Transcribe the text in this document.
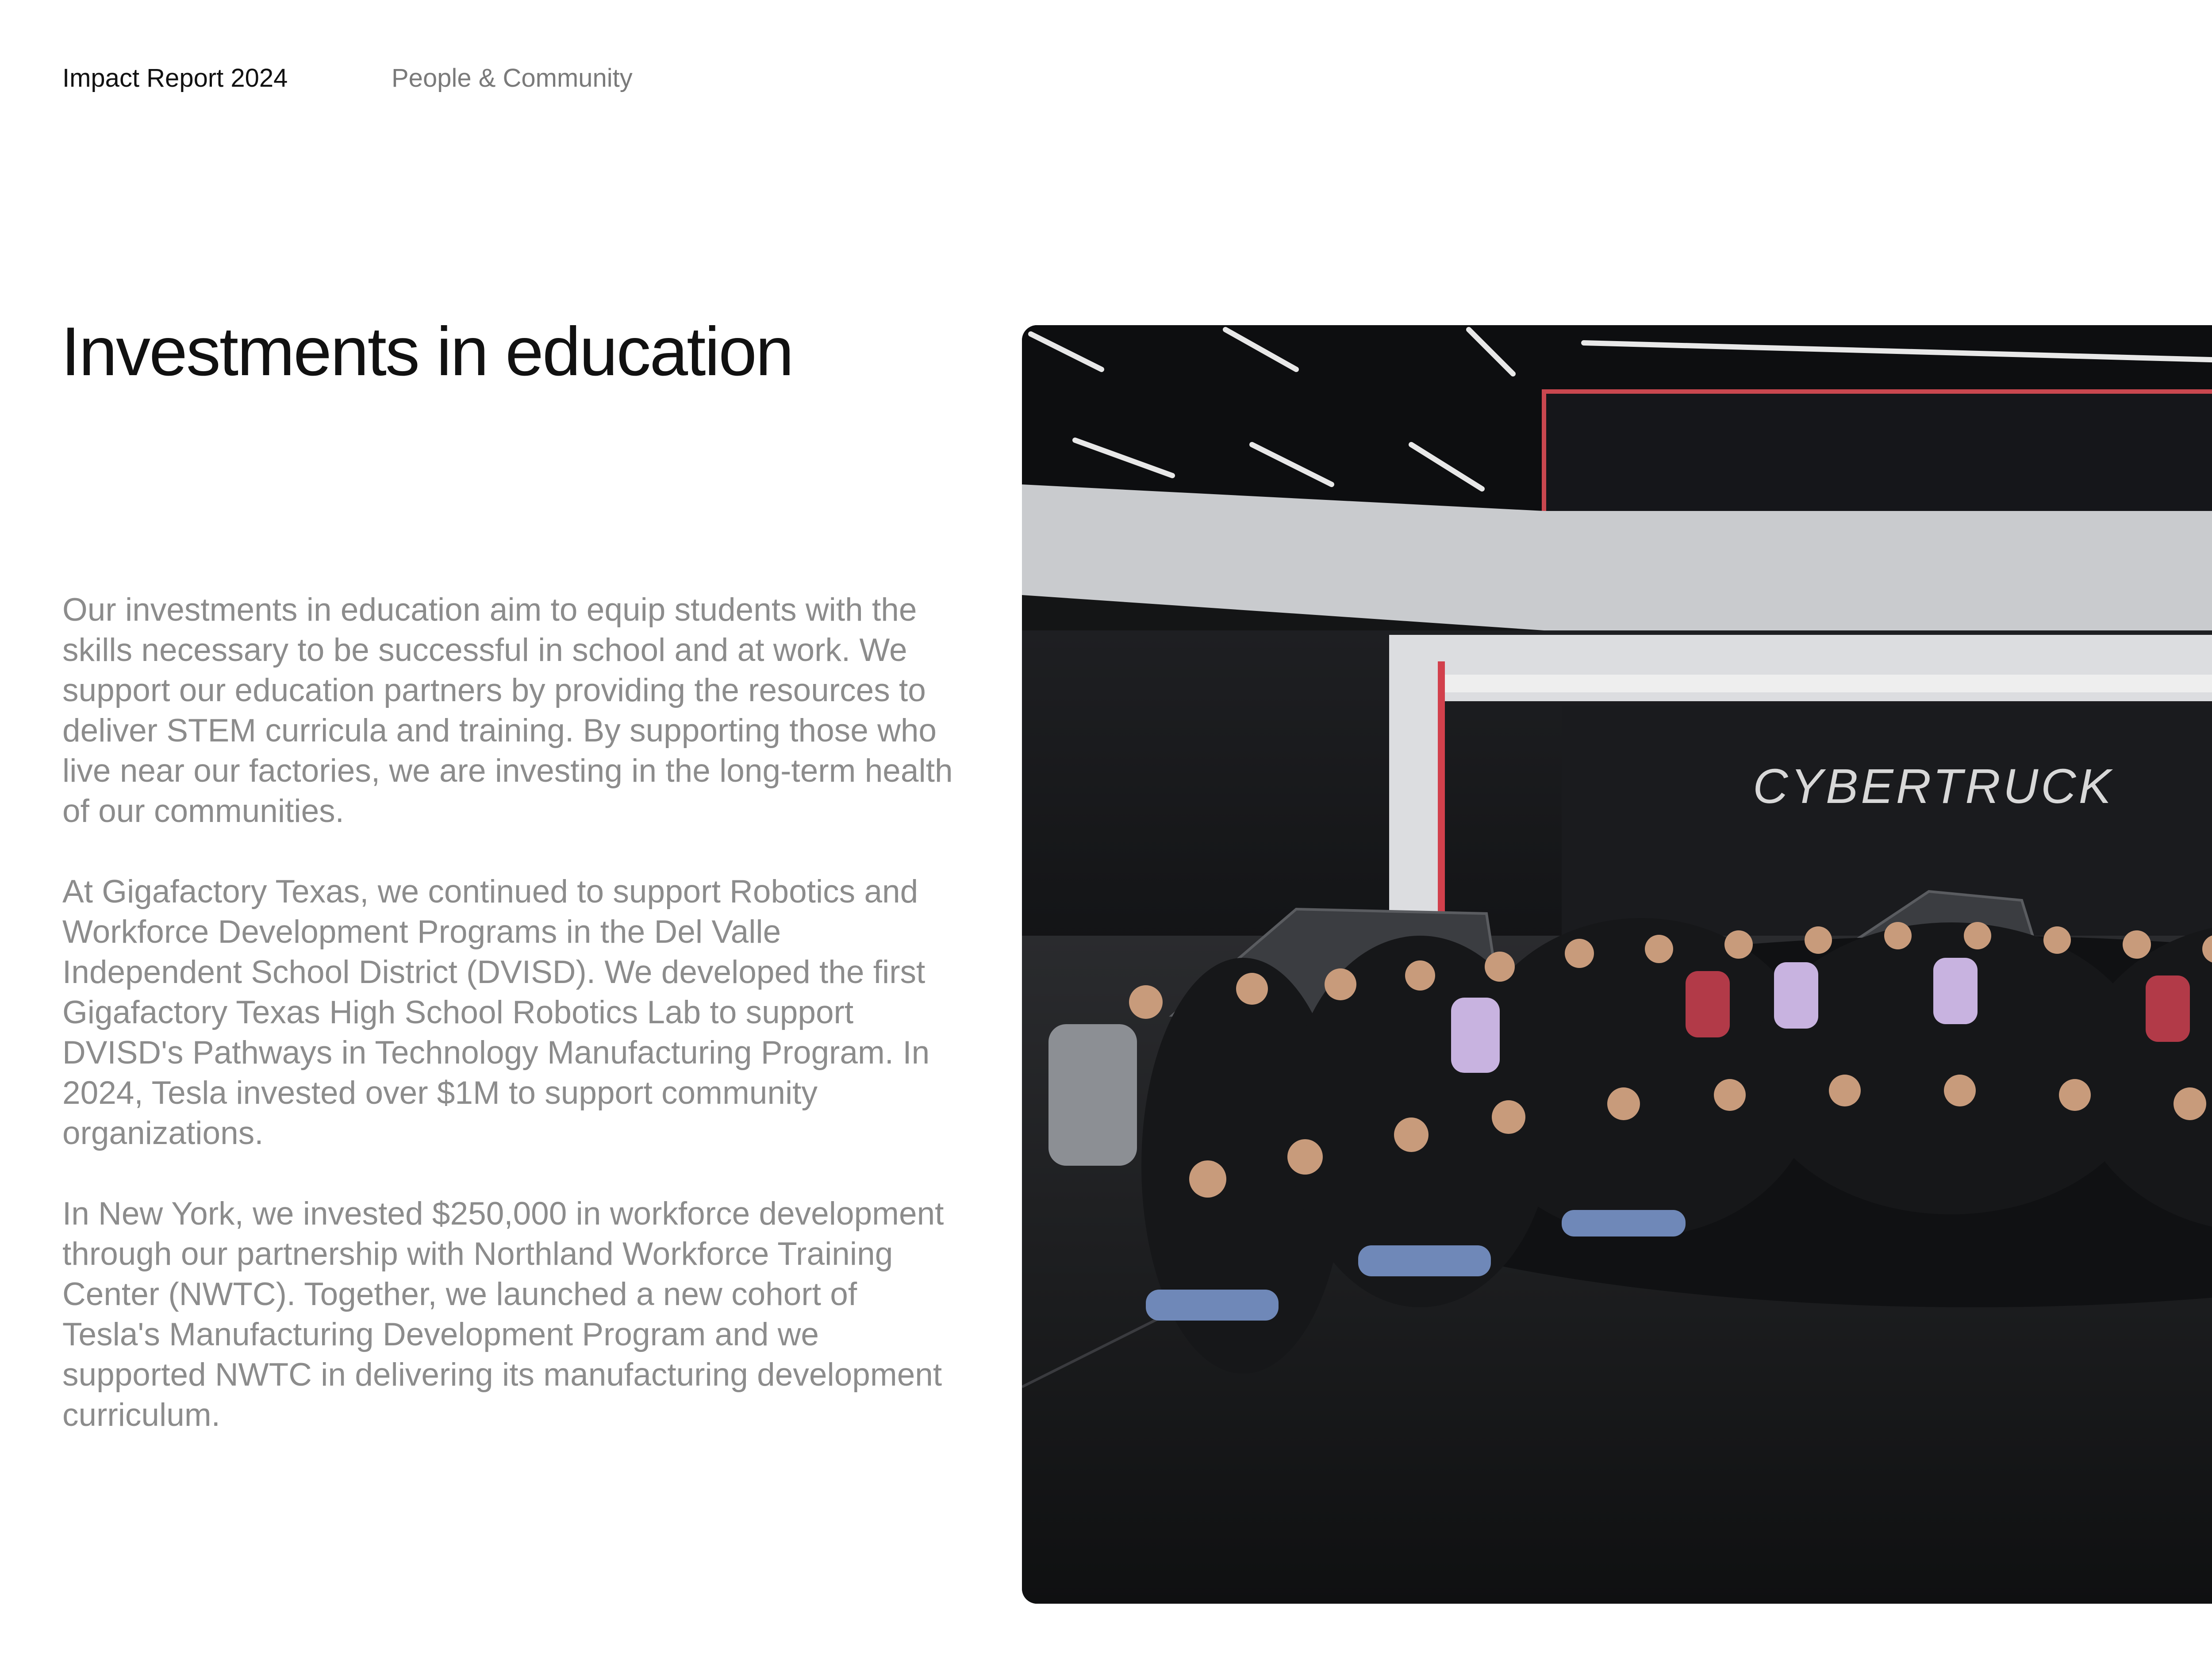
Impact Report 2024	People & Community
Investments in education

Our investments in education aim to equip students with the skills necessary to be successful in school and at work. We support our education partners by providing the resources to deliver STEM curricula and training. By supporting those who live near our factories, we are investing in the long-term health of our communities.

At Gigafactory Texas, we continued to support Robotics and Workforce Development Programs in the Del Valle Independent School District (DVISD). We developed the first Gigafactory Texas High School Robotics Lab to support DVISD's Pathways in Technology Manufacturing Program. In 2024, Tesla invested over $1M to support community organizations.

In New York, we invested $250,000 in workforce development through our partnership with Northland Workforce Training Center (NWTC). Together, we launched a new cohort of Tesla's Manufacturing Development Program and we supported NWTC in delivering its manufacturing development curriculum.

CYBERTRUCK
